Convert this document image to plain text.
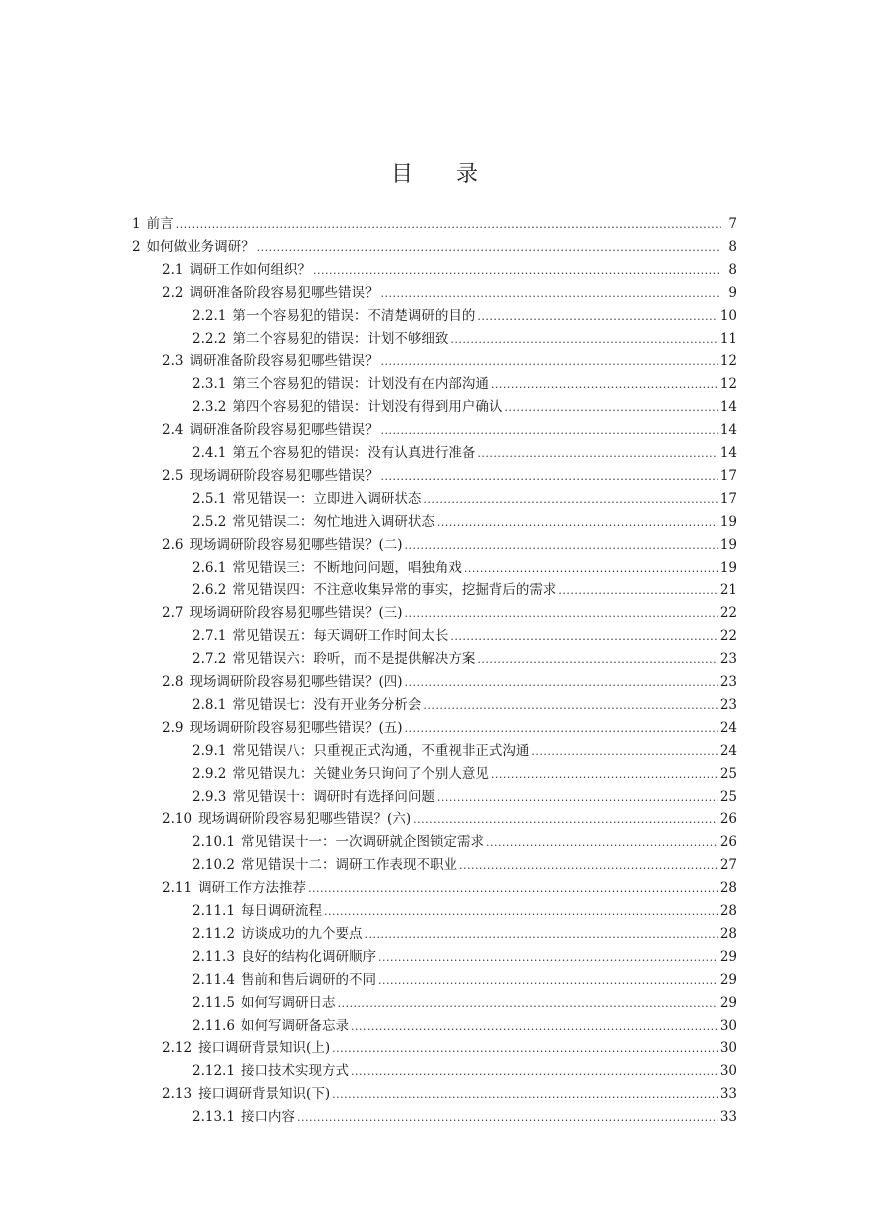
目 录
1 前言 .....	7
2 如何做业务调研？ .....	8
2.1 调研工作如何组织？ .....	8
2.2 调研准备阶段容易犯哪些错误？ .....	9
2.2.1 第一个容易犯的错误：不清楚调研的目的 .....	10
2.2.2 第二个容易犯的错误：计划不够细致 .....	11
2.3 调研准备阶段容易犯哪些错误？ .....	12
2.3.1 第三个容易犯的错误：计划没有在内部沟通 .....	12
2.3.2 第四个容易犯的错误：计划没有得到用户确认 .....	14
2.4 调研准备阶段容易犯哪些错误？ .....	14
2.4.1 第五个容易犯的错误：没有认真进行准备 .....	14
2.5 现场调研阶段容易犯哪些错误？ .....	17
2.5.1 常见错误一：立即进入调研状态 .....	17
2.5.2 常见错误二：匆忙地进入调研状态 .....	19
2.6 现场调研阶段容易犯哪些错误？(二) .....	19
2.6.1 常见错误三：不断地问问题，唱独角戏 .....	19
2.6.2 常见错误四：不注意收集异常的事实，挖掘背后的需求 .....	21
2.7 现场调研阶段容易犯哪些错误？(三) .....	22
2.7.1 常见错误五：每天调研工作时间太长 .....	22
2.7.2 常见错误六：聆听，而不是提供解决方案 .....	23
2.8 现场调研阶段容易犯哪些错误？(四) .....	23
2.8.1 常见错误七：没有开业务分析会 .....	23
2.9 现场调研阶段容易犯哪些错误？(五) .....	24
2.9.1 常见错误八：只重视正式沟通，不重视非正式沟通 .....	24
2.9.2 常见错误九：关键业务只询问了个别人意见 .....	25
2.9.3 常见错误十：调研时有选择问问题 .....	25
2.10 现场调研阶段容易犯哪些错误？(六) .....	26
2.10.1 常见错误十一：一次调研就企图锁定需求 .....	26
2.10.2 常见错误十二：调研工作表现不职业 .....	27
2.11 调研工作方法推荐 .....	28
2.11.1 每日调研流程 .....	28
2.11.2 访谈成功的九个要点 .....	28
2.11.3 良好的结构化调研顺序 .....	29
2.11.4 售前和售后调研的不同 .....	29
2.11.5 如何写调研日志 .....	29
2.11.6 如何写调研备忘录 .....	30
2.12 接口调研背景知识(上) .....	30
2.12.1 接口技术实现方式 .....	30
2.13 接口调研背景知识(下) .....	33
2.13.1 接口内容 .....	33
